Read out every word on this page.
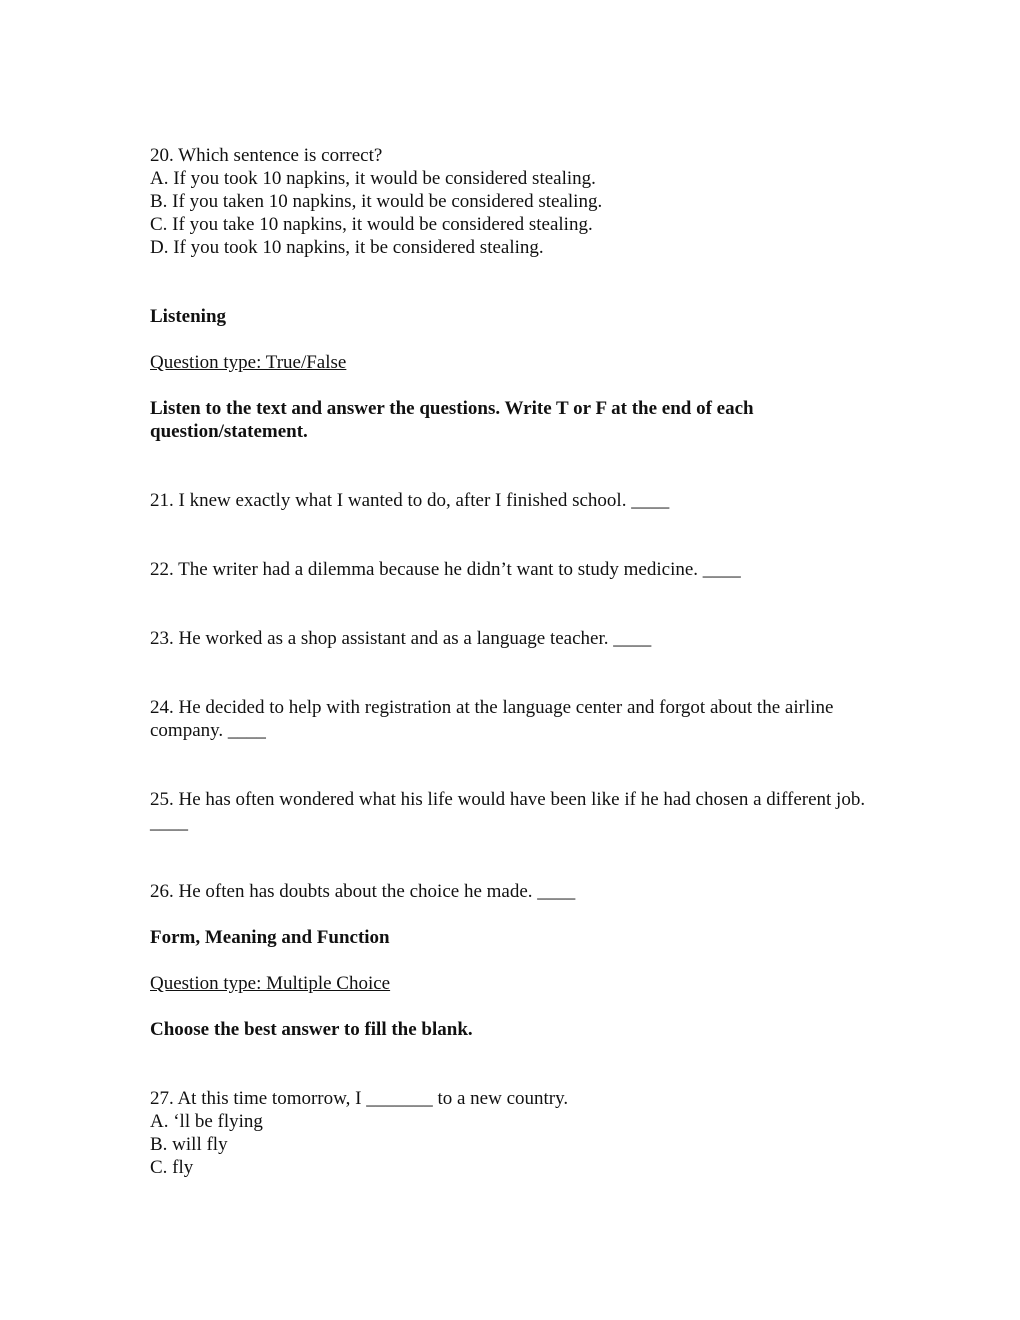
20. Which sentence is correct?
A. If you took 10 napkins, it would be considered stealing.
B. If you taken 10 napkins, it would be considered stealing.
C. If you take 10 napkins, it would be considered stealing.
D. If you took 10 napkins, it be considered stealing.
Listening
Question type: True/False
Listen to the text and answer the questions. Write T or F at the end of each question/statement.
21. I knew exactly what I wanted to do, after I finished school. ____
22. The writer had a dilemma because he didn’t want to study medicine. ____
23. He worked as a shop assistant and as a language teacher. ____
24. He decided to help with registration at the language center and forgot about the airline company. ____
25. He has often wondered what his life would have been like if he had chosen a different job. ____
26. He often has doubts about the choice he made. ____
Form, Meaning and Function
Question type: Multiple Choice
Choose the best answer to fill the blank.
27. At this time tomorrow, I _______ to a new country.
A. ‘ll be flying
B. will fly
C. fly
